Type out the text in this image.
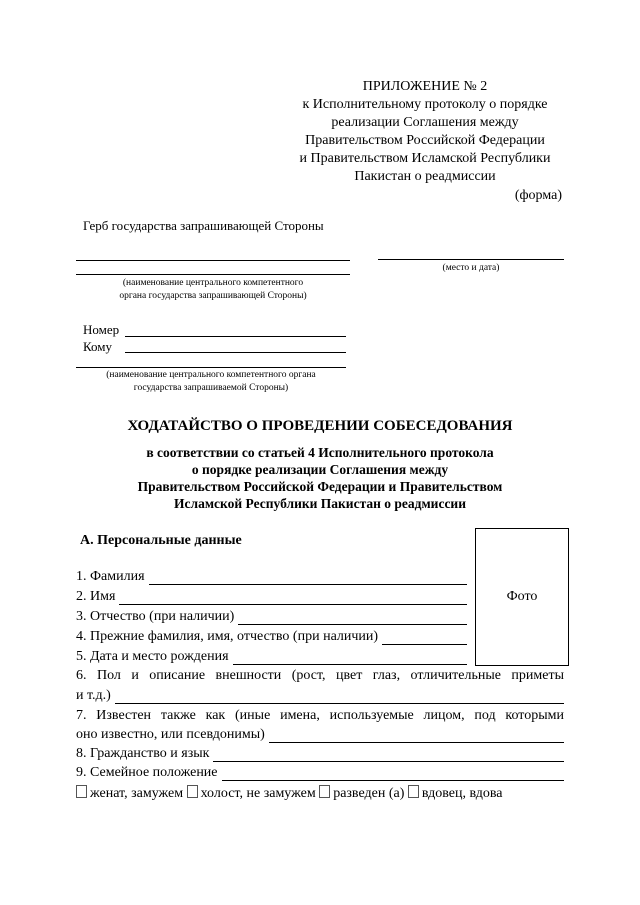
ПРИЛОЖЕНИЕ № 2
к Исполнительному протоколу о порядке
реализации Соглашения между
Правительством Российской Федерации
и Правительством Исламской Республики
Пакистан о реадмиссии
(форма)
Герб государства запрашивающей Стороны
(наименование центрального компетентного
органа государства запрашивающей Стороны)
(место и дата)
Номер
Кому
(наименование центрального компетентного органа
государства запрашиваемой Стороны)
ХОДАТАЙСТВО О ПРОВЕДЕНИИ СОБЕСЕДОВАНИЯ
в соответствии со статьей 4 Исполнительного протокола
о порядке реализации Соглашения между
Правительством Российской Федерации и Правительством
Исламской Республики Пакистан о реадмиссии
А. Персональные данные
Фото
1. Фамилия
2. Имя
3. Отчество (при наличии)
4. Прежние фамилия, имя, отчество (при наличии)
5. Дата и место рождения
6. Пол и описание внешности (рост, цвет глаз, отличительные приметы
и т.д.)
7. Известен также как (иные имена, используемые лицом, под которыми
оно известно, или псевдонимы)
8. Гражданство и язык
9. Семейное положение
женат, замужем холост, не замужем разведен (а) вдовец, вдова
